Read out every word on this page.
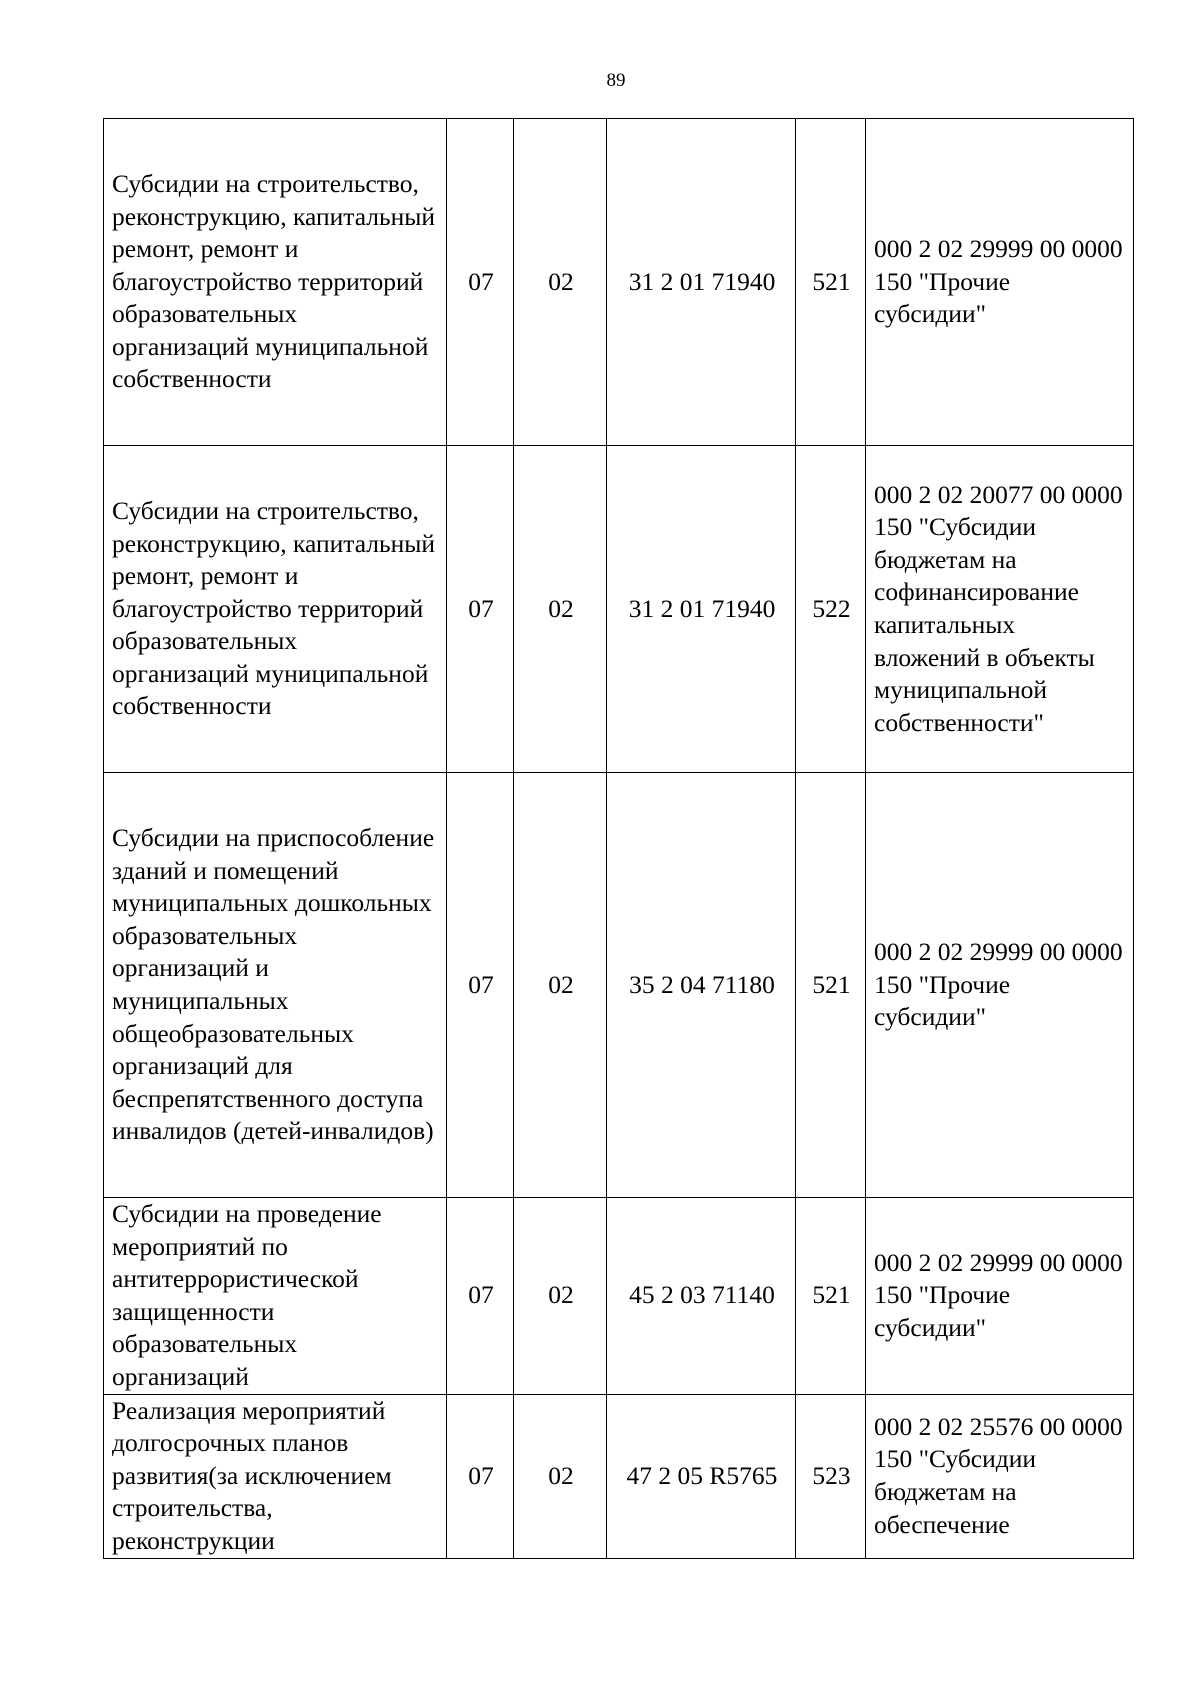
89
Субсидии на строительство, реконструкцию, капитальный ремонт, ремонт и благоустройство территорий образовательных организаций муниципальной собственности	07	02	31 2 01 71940	521	000 2 02 29999 00 0000 150 "Прочие субсидии"
Субсидии на строительство, реконструкцию, капитальный ремонт, ремонт и благоустройство территорий образовательных организаций муниципальной собственности	07	02	31 2 01 71940	522	000 2 02 20077 00 0000 150 "Субсидии бюджетам на софинансирование капитальных вложений в объекты муниципальной собственности"
Субсидии на приспособление зданий и помещений муниципальных дошкольных образовательных организаций и муниципальных общеобразовательных организаций для беспрепятственного доступа инвалидов (детей-инвалидов)	07	02	35 2 04 71180	521	000 2 02 29999 00 0000 150 "Прочие субсидии"
Субсидии на проведение мероприятий по антитеррористической защищенности образовательных организаций	07	02	45 2 03 71140	521	000 2 02 29999 00 0000 150 "Прочие субсидии"
Реализация мероприятий долгосрочных планов развития(за исключением строительства, реконструкции	07	02	47 2 05 R5765	523	000 2 02 25576 00 0000 150 "Субсидии бюджетам на обеспечение
